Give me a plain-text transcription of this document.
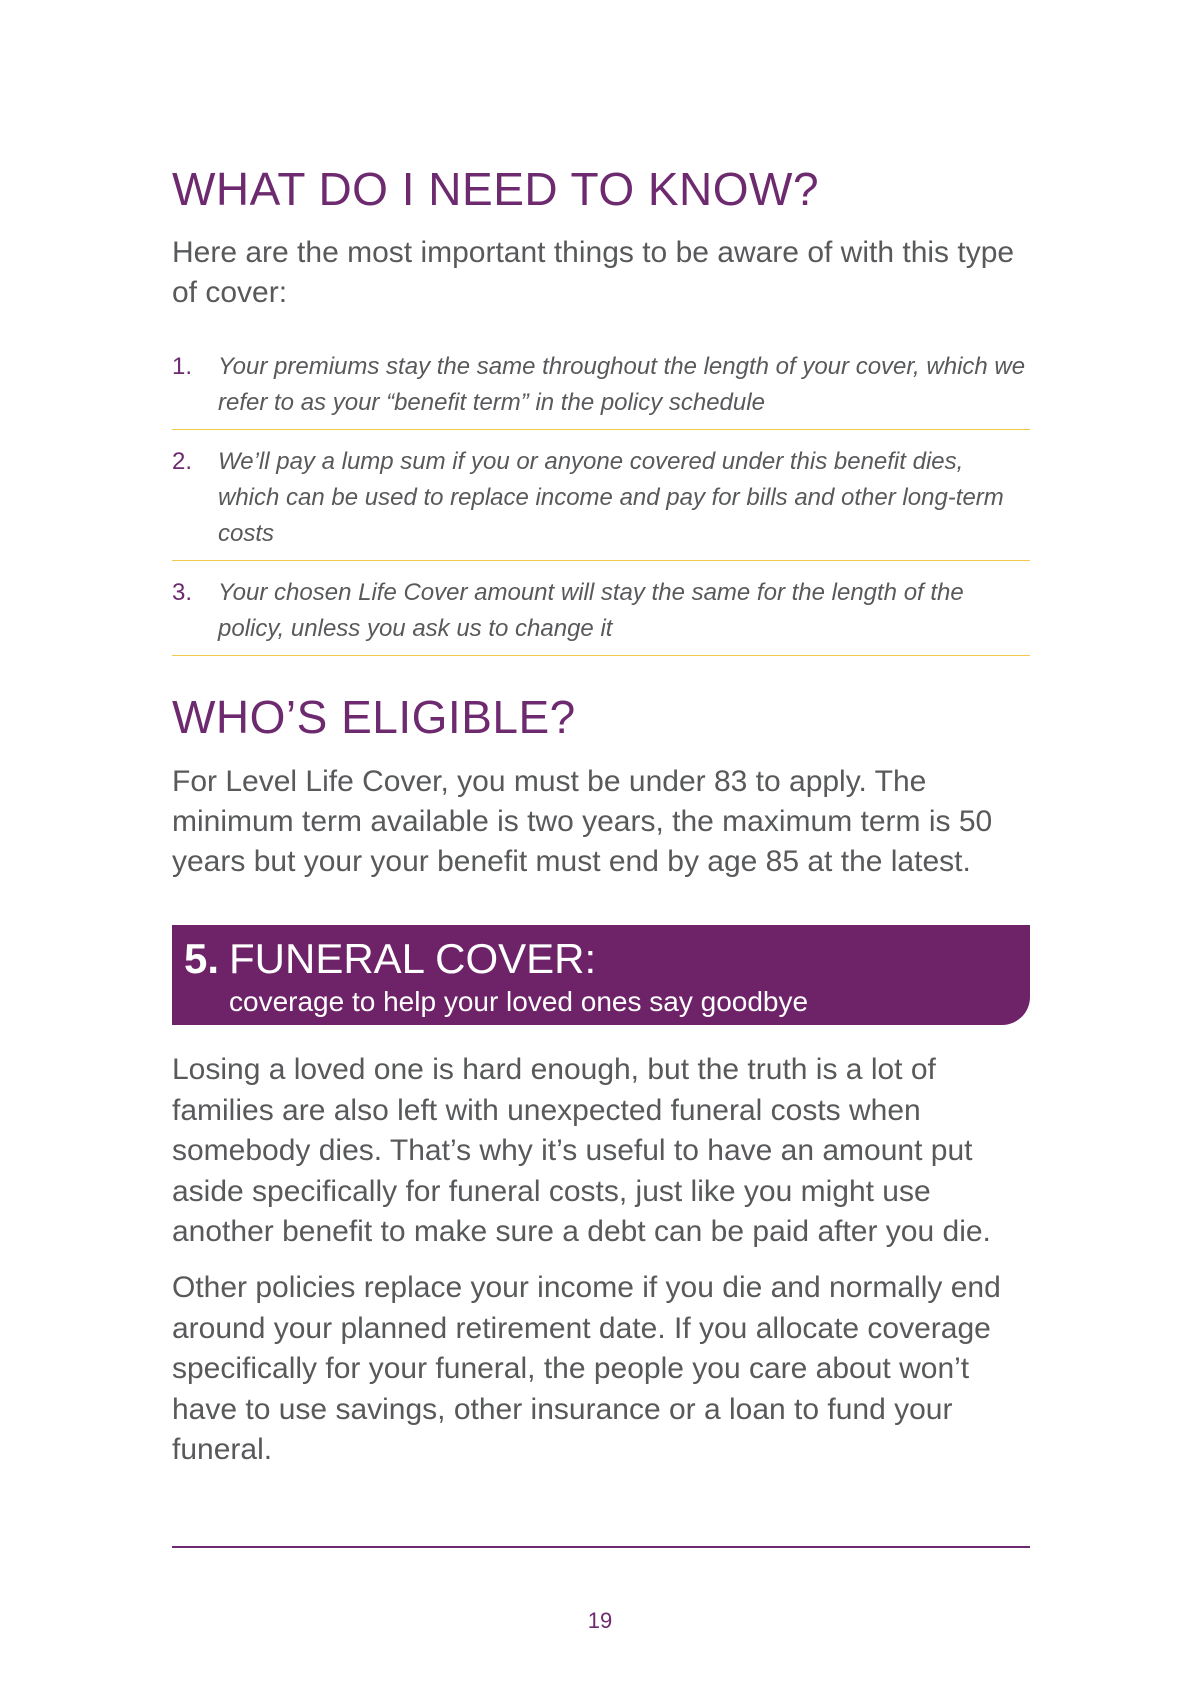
WHAT DO I NEED TO KNOW?

Here are the most important things to be aware of with this type of cover:

1.	Your premiums stay the same throughout the length of your cover, which we refer to as your “benefit term” in the policy schedule
2.	We’ll pay a lump sum if you or anyone covered under this benefit dies, which can be used to replace income and pay for bills and other long-term costs
3.	Your chosen Life Cover amount will stay the same for the length of the policy, unless you ask us to change it
WHO’S ELIGIBLE?

For Level Life Cover, you must be under 83 to apply. The minimum term available is two years, the maximum term is 50 years but your your benefit must end by age 85 at the latest.

5. FUNERAL COVER:
coverage to help your loved ones say goodbye

Losing a loved one is hard enough, but the truth is a lot of families are also left with unexpected funeral costs when somebody dies. That’s why it’s useful to have an amount put aside specifically for funeral costs, just like you might use another benefit to make sure a debt can be paid after you die.

Other policies replace your income if you die and normally end around your planned retirement date. If you allocate coverage specifically for your funeral, the people you care about won’t have to use savings, other insurance or a loan to fund your funeral.

19
